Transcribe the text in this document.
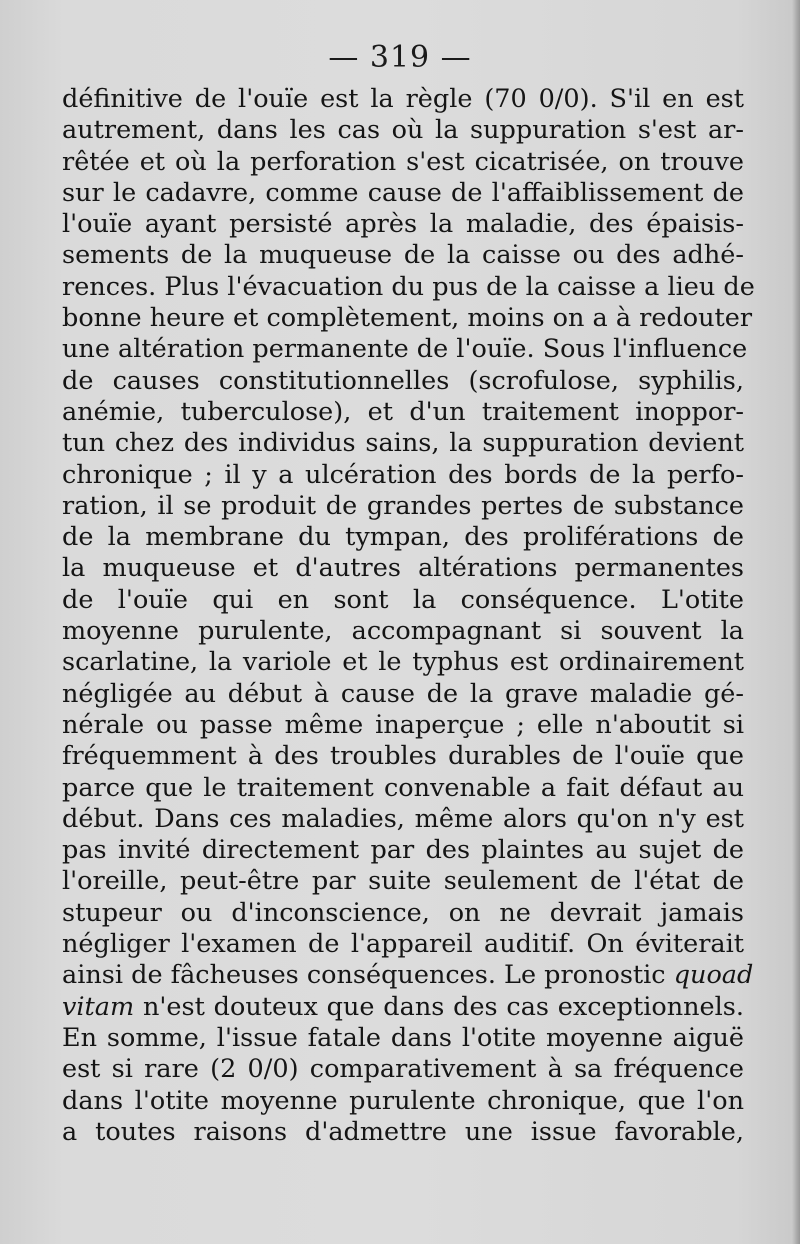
— 319 —
définitive de l'ouïe est la règle (70 0/0). S'il en est
autrement, dans les cas où la suppuration s'est ar-
rêtée et où la perforation s'est cicatrisée, on trouve
sur le cadavre, comme cause de l'affaiblissement de
l'ouïe ayant persisté après la maladie, des épaisis-
sements de la muqueuse de la caisse ou des adhé-
rences. Plus l'évacuation du pus de la caisse a lieu de
bonne heure et complètement, moins on a à redouter
une altération permanente de l'ouïe. Sous l'influence
de causes constitutionnelles (scrofulose, syphilis,
anémie, tuberculose), et d'un traitement inoppor-
tun chez des individus sains, la suppuration devient
chronique ; il y a ulcération des bords de la perfo-
ration, il se produit de grandes pertes de substance
de la membrane du tympan, des proliférations de
la muqueuse et d'autres altérations permanentes
de l'ouïe qui en sont la conséquence. L'otite
moyenne purulente, accompagnant si souvent la
scarlatine, la variole et le typhus est ordinairement
négligée au début à cause de la grave maladie gé-
nérale ou passe même inaperçue ; elle n'aboutit si
fréquemment à des troubles durables de l'ouïe que
parce que le traitement convenable a fait défaut au
début. Dans ces maladies, même alors qu'on n'y est
pas invité directement par des plaintes au sujet de
l'oreille, peut-être par suite seulement de l'état de
stupeur ou d'inconscience, on ne devrait jamais
négliger l'examen de l'appareil auditif. On éviterait
ainsi de fâcheuses conséquences. Le pronostic quoad
vitam n'est douteux que dans des cas exceptionnels.
En somme, l'issue fatale dans l'otite moyenne aiguë
est si rare (2 0/0) comparativement à sa fréquence
dans l'otite moyenne purulente chronique, que l'on
a toutes raisons d'admettre une issue favorable,
